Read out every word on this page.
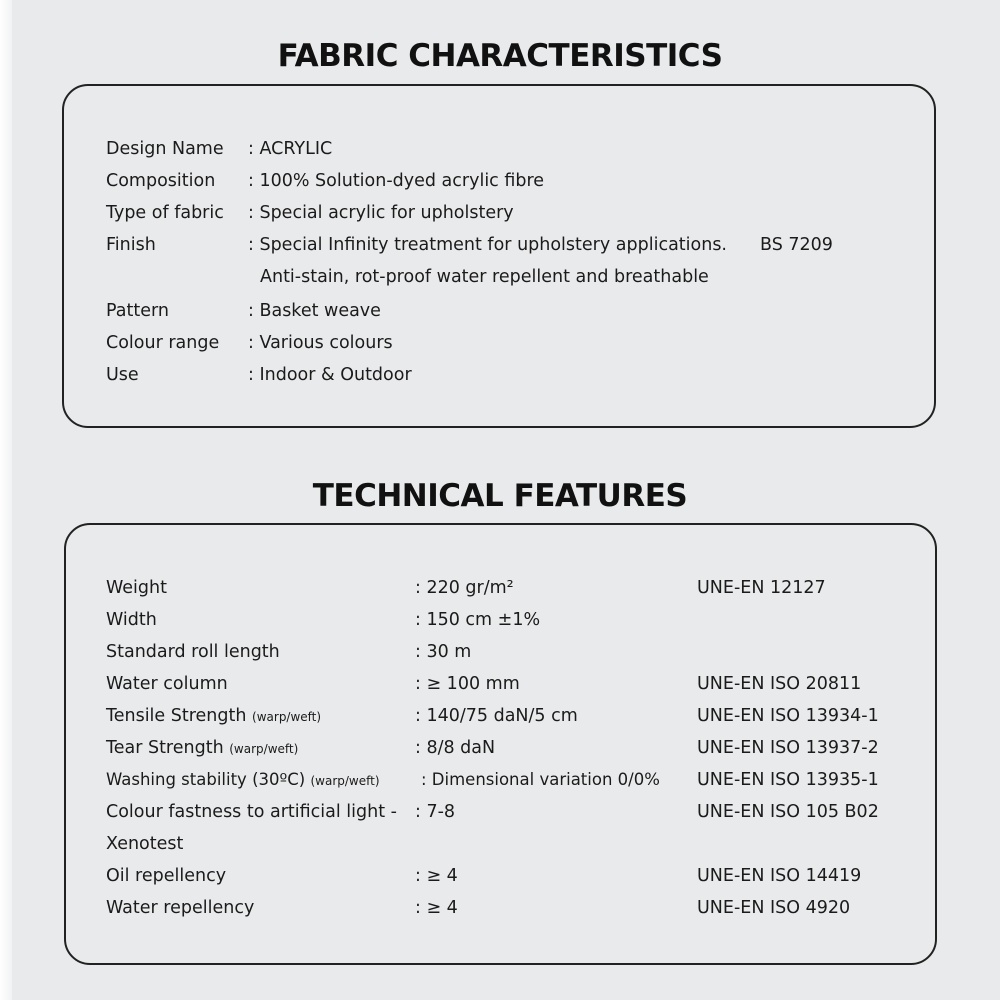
FABRIC CHARACTERISTICS
Design Name : ACRYLIC
Composition : 100% Solution-dyed acrylic fibre
Type of fabric : Special acrylic for upholstery
Finish	: Special Infinity treatment for upholstery applications. BS 7209
Anti-stain, rot-proof water repellent and breathable
Pattern	: Basket weave
Colour range : Various colours
Use	: Indoor & Outdoor
TECHNICAL FEATURES
Weight	: 220 gr/m²	UNE-EN 12127
Width	: 150 cm ±1%
Standard roll length	: 30 m
Water column	: ≥ 100 mm	UNE-EN ISO 20811
Tensile Strength (warp/weft)	: 140/75 daN/5 cm	UNE-EN ISO 13934-1
Tear Strength (warp/weft)	: 8/8 daN	UNE-EN ISO 13937-2
Washing stability (30ºC) (warp/weft)	: Dimensional variation 0/0% UNE-EN ISO 13935-1
Colour fastness to artificial light - : 7-8	UNE-EN ISO 105 B02
Xenotest
Oil repellency	: ≥ 4	UNE-EN ISO 14419
Water repellency	: ≥ 4	UNE-EN ISO 4920
